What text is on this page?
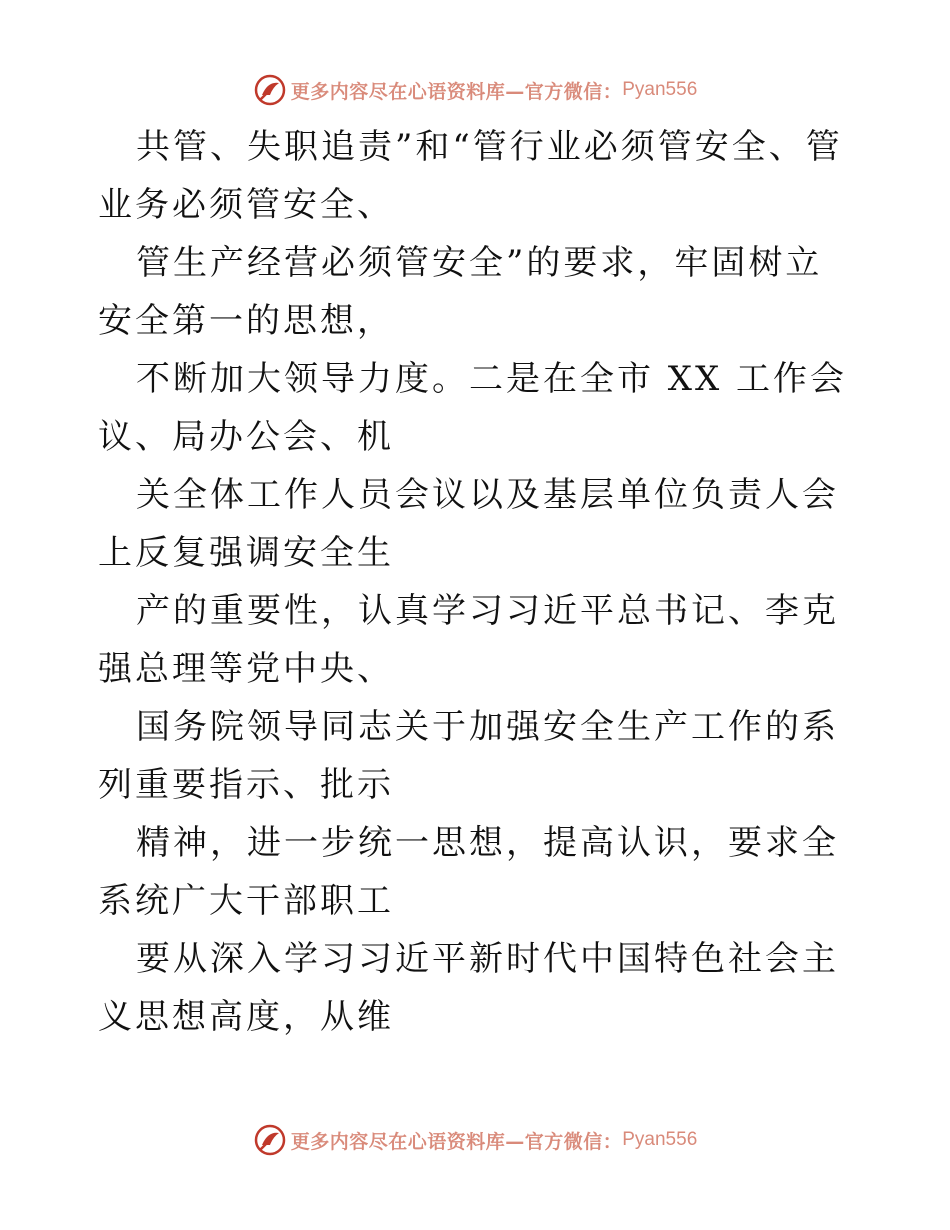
更多内容尽在心语资料库—官方微信： Pyan556

共管、失职追责”和“管行业必须管安全、管业务必须管安全、

管生产经营必须管安全”的要求，牢固树立安全第一的思想，

不断加大领导力度。二是在全市 XX 工作会议、局办公会、机

关全体工作人员会议以及基层单位负责人会上反复强调安全生

产的重要性，认真学习习近平总书记、李克强总理等党中央、

国务院领导同志关于加强安全生产工作的系列重要指示、批示

精神，进一步统一思想，提高认识，要求全系统广大干部职工

要从深入学习习近平新时代中国特色社会主义思想高度，从维

更多内容尽在心语资料库—官方微信： Pyan556
